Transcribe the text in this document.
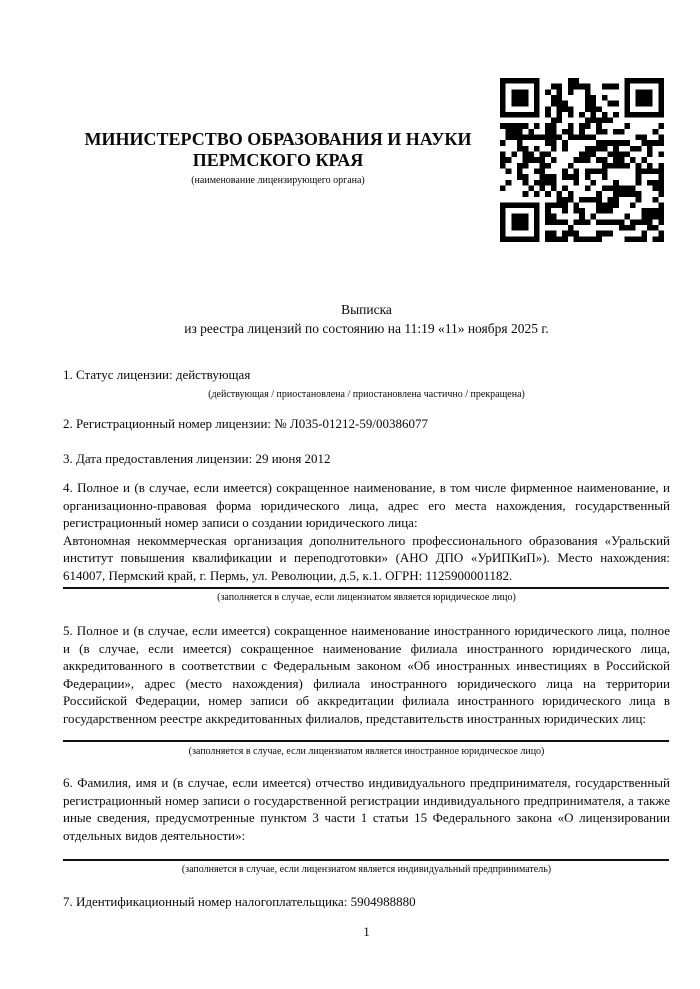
МИНИСТЕРСТВО ОБРАЗОВАНИЯ И НАУКИ ПЕРМСКОГО КРАЯ
(наименование лицензирующего органа)
Выписка
из реестра лицензий по состоянию на 11:19 «11» ноября 2025 г.
1. Статус лицензии: действующая
(действующая / приостановлена / приостановлена частично / прекращена)
2. Регистрационный номер лицензии: № Л035-01212-59/00386077
3. Дата предоставления лицензии: 29 июня 2012
4. Полное и (в случае, если имеется) сокращенное наименование, в том числе фирменное наименование, и организационно-правовая форма юридического лица, адрес его места нахождения, государственный регистрационный номер записи о создании юридического лица:
Автономная некоммерческая организация дополнительного профессионального образования «Уральский институт повышения квалификации и переподготовки» (АНО ДПО «УрИПКиП»). Место нахождения: 614007, Пермский край, г. Пермь, ул. Революции, д.5, к.1. ОГРН: 1125900001182.
(заполняется в случае, если лицензиатом является юридическое лицо)
5. Полное и (в случае, если имеется) сокращенное наименование иностранного юридического лица, полное и (в случае, если имеется) сокращенное наименование филиала иностранного юридического лица, аккредитованного в соответствии с Федеральным законом «Об иностранных инвестициях в Российской Федерации», адрес (место нахождения) филиала иностранного юридического лица на территории Российской Федерации, номер записи об аккредитации филиала иностранного юридического лица в государственном реестре аккредитованных филиалов, представительств иностранных юридических лиц:
(заполняется в случае, если лицензиатом является иностранное юридическое лицо)
6. Фамилия, имя и (в случае, если имеется) отчество индивидуального предпринимателя, государственный регистрационный номер записи о государственной регистрации индивидуального предпринимателя, а также иные сведения, предусмотренные пунктом 3 части 1 статьи 15 Федерального закона «О лицензировании отдельных видов деятельности»:
(заполняется в случае, если лицензиатом является индивидуальный предприниматель)
7. Идентификационный номер налогоплательщика: 5904988880
1
